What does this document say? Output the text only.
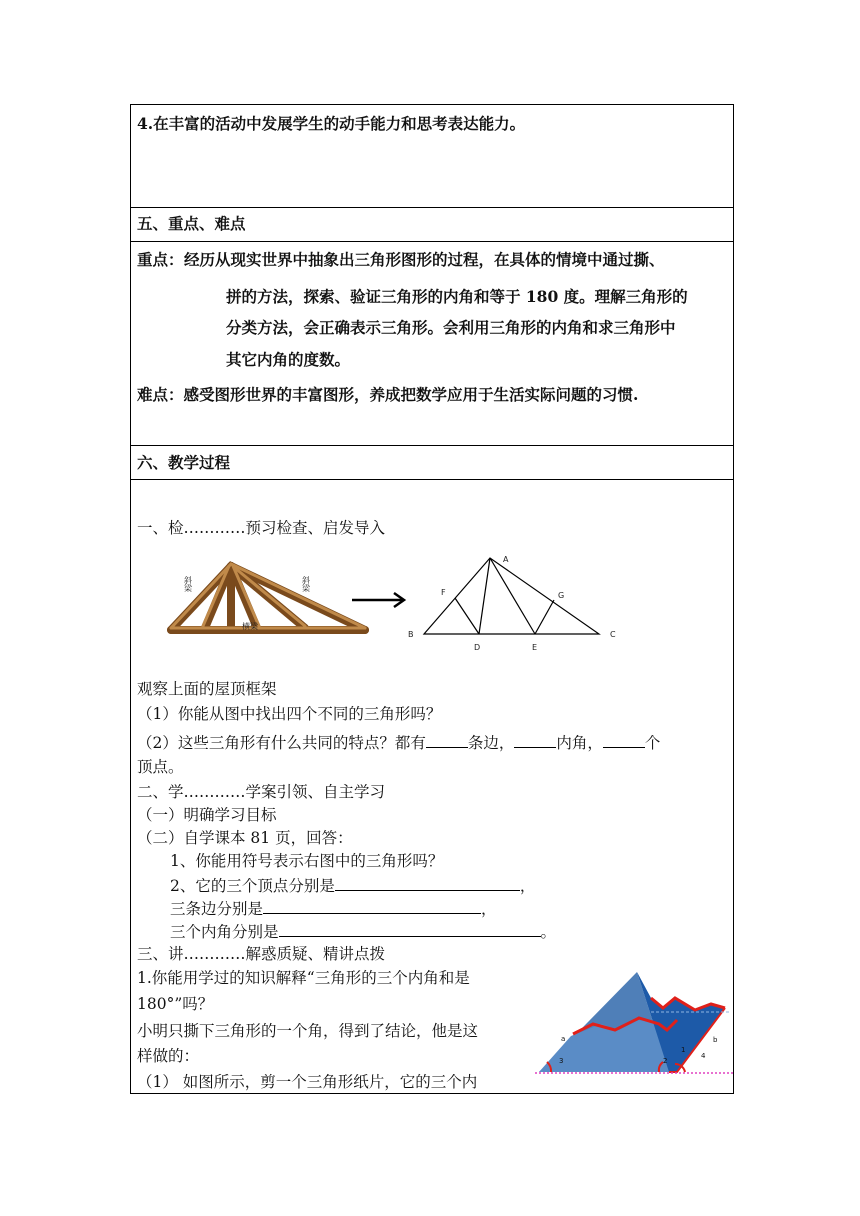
4.在丰富的活动中发展学生的动手能力和思考表达能力。
五、重点、难点
重点： 经历从现实世界中抽象出三角形图形的过程，在具体的情境中通过撕、
拼的方法，探索、验证三角形的内角和等于 180 度。理解三角形的
分类方法，会正确表示三角形。会利用三角形的内角和求三角形中
其它内角的度数。
难点：感受图形世界的丰富图形，养成把数学应用于生活实际问题的习惯.
六、教学过程
一、检…………预习检查、启发导入
斜梁	斜梁
横梁
A
B	C
D	E
F	G
观察上面的屋顶框架
（1）你能从图中找出四个不同的三角形吗？
（2）这些三角形有什么共同的特点？都有	条边，	内角，	个
顶点。
二、学…………学案引领、自主学习
（一）明确学习目标
（二）自学课本 81 页，回答：
1、你能用符号表示右图中的三角形吗？
2、它的三个顶点分别是	，
三条边分别是	，
三个内角分别是	。
三、讲…………解惑质疑、精讲点拨
1.你能用学过的知识解释“三角形的三个内角和是
180°”吗？
小明只撕下三角形的一个角，得到了结论，他是这
样做的：
（1） 如图所示，剪一个三角形纸片，它的三个内
a	b
1
2
3
4
